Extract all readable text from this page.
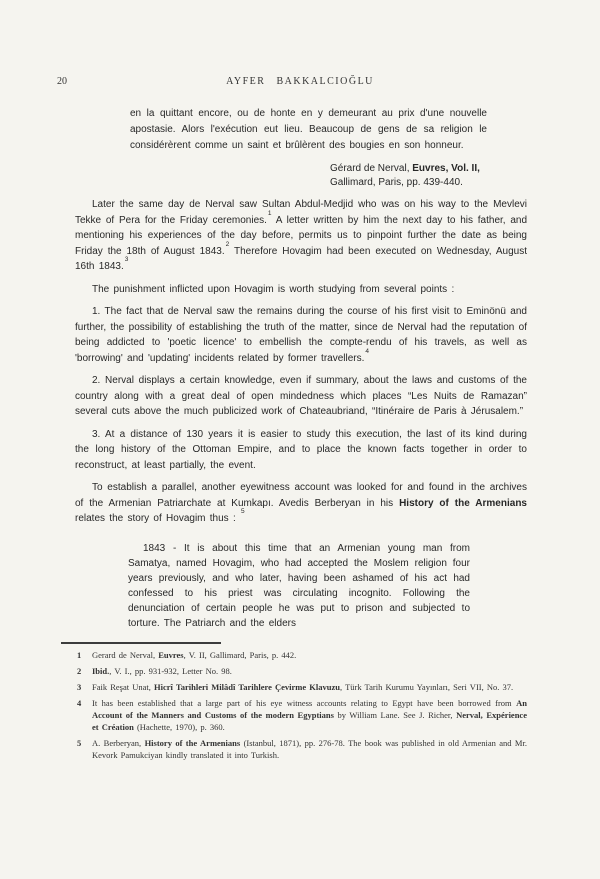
20	AYFER BAKKALCIOĞLU

en la quittant encore, ou de honte en y demeurant au prix d'une nouvelle apostasie. Alors l'exécution eut lieu. Beaucoup de gens de sa religion le considérèrent comme un saint et brûlèrent des bougies en son honneur.

Gérard de Nerval, Euvres, Vol. II,

Gallimard, Paris, pp. 439-440.

Later the same day de Nerval saw Sultan Abdul-Medjid who was on his way to the Mevlevi Tekke of Pera for the Friday ceremonies.$^1$ A letter written by him the next day to his father, and mentioning his experiences of the day before, permits us to pinpoint further the date as being Friday the 18th of August 1843.$^2$ Therefore Hovagim had been executed on Wednesday, August 16th 1843.$^3$

The punishment inflicted upon Hovagim is worth studying from several points :

1. The fact that de Nerval saw the remains during the course of his first visit to Eminönü and further, the possibility of establishing the truth of the matter, since de Nerval had the reputation of being addicted to 'poetic licence' to embellish the compte-rendu of his travels, as well as 'borrowing' and 'updating' incidents related by former travellers.$^4$

2. Nerval displays a certain knowledge, even if summary, about the laws and customs of the country along with a great deal of open mindedness which places “Les Nuits de Ramazan” several cuts above the much publicized work of Chateaubriand, “Itinéraire de Paris à Jérusalem.”

3. At a distance of 130 years it is easier to study this execution, the last of its kind during the long history of the Ottoman Empire, and to place the known facts together in order to reconstruct, at least partially, the event.

To establish a parallel, another eyewitness account was looked for and found in the archives of the Armenian Patriarchate at Kumkapı. Avedis Berberyan in his History of the Armenians relates the story of Hovagim thus : $^5$

1843 - It is about this time that an Armenian young man from Samatya, named Hovagim, who had accepted the Moslem religion four years previously, and who later, having been ashamed of his act had confessed to his priest was circulating incognito. Following the denunciation of certain people he was put to prison and subjected to torture. The Patriarch and the elders

1 Gerard de Nerval, Euvres, V. II, Gallimard, Paris, p. 442.
2 Ibid., V. I., pp. 931-932, Letter No. 98.
3 Faik Reşat Unat, Hicrî Tarihleri Milâdî Tarihlere Çevirme Klavuzu, Türk Tarih Kurumu Yayınları, Seri VII, No. 37.
4 It has been established that a large part of his eye witness accounts relating to Egypt have been borrowed from An Account of the Manners and Customs of the modern Egyptians by William Lane. See J. Richer, Nerval, Expérience et Création (Hachette, 1970), p. 360.
5 A. Berberyan, History of the Armenians (Istanbul, 1871), pp. 276-78. The book was published in old Armenian and Mr. Kevork Pamukciyan kindly translated it into Turkish.
